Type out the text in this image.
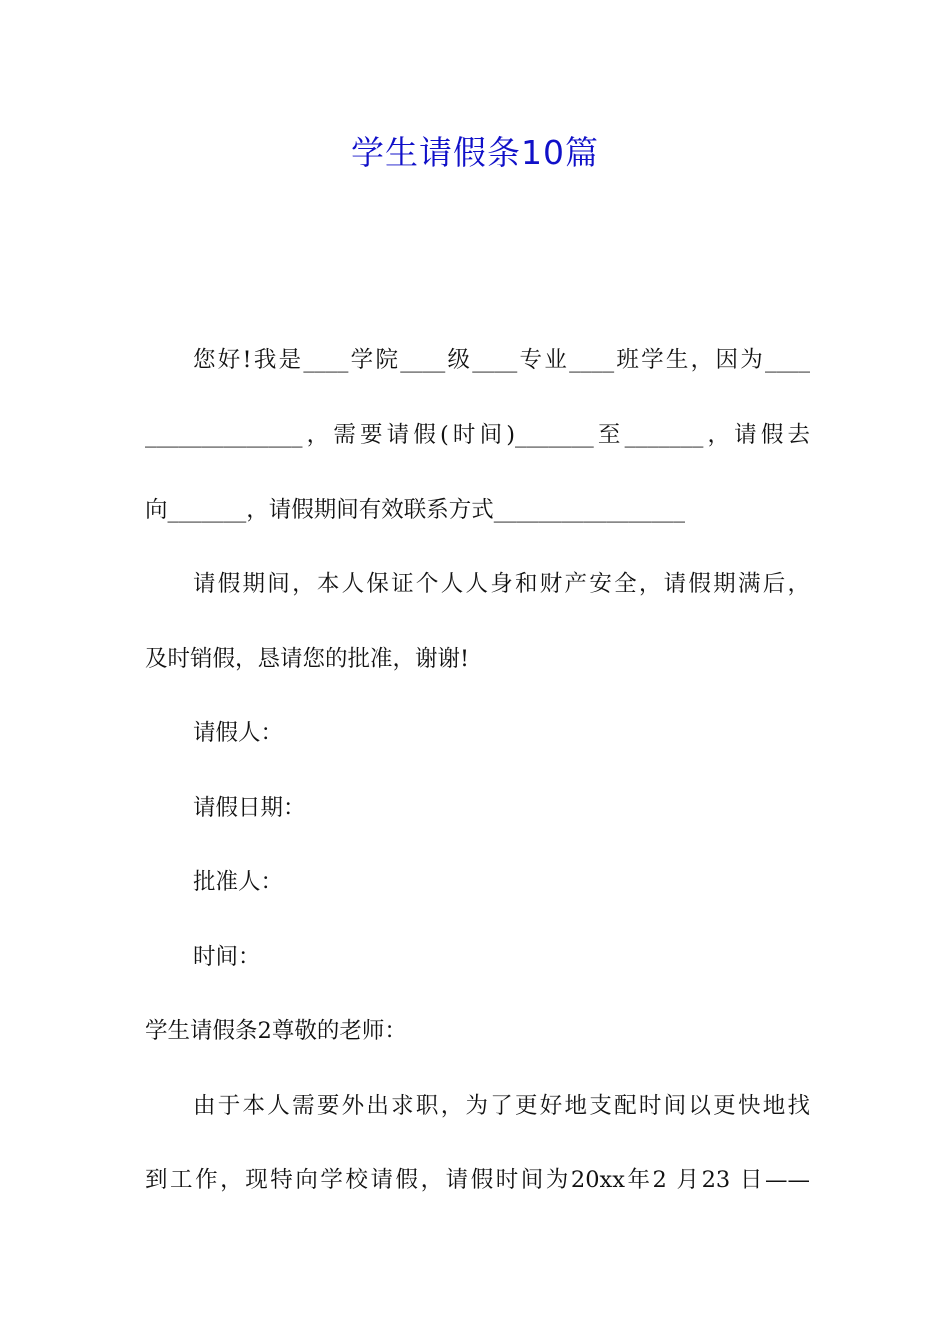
学生请假条10篇
您好!我是____学院____级____专业____班学生，因为____
______________，需要请假(时间)_______至_______，请假去
向_______，请假期间有效联系方式_________________
请假期间，本人保证个人人身和财产安全，请假期满后，
及时销假，恳请您的批准，谢谢!
请假人：
请假日期：
批准人：
时间：
学生请假条2尊敬的老师：
由于本人需要外出求职，为了更好地支配时间以更快地找
到工作，现特向学校请假，请假时间为20xx年2 月23 日——
